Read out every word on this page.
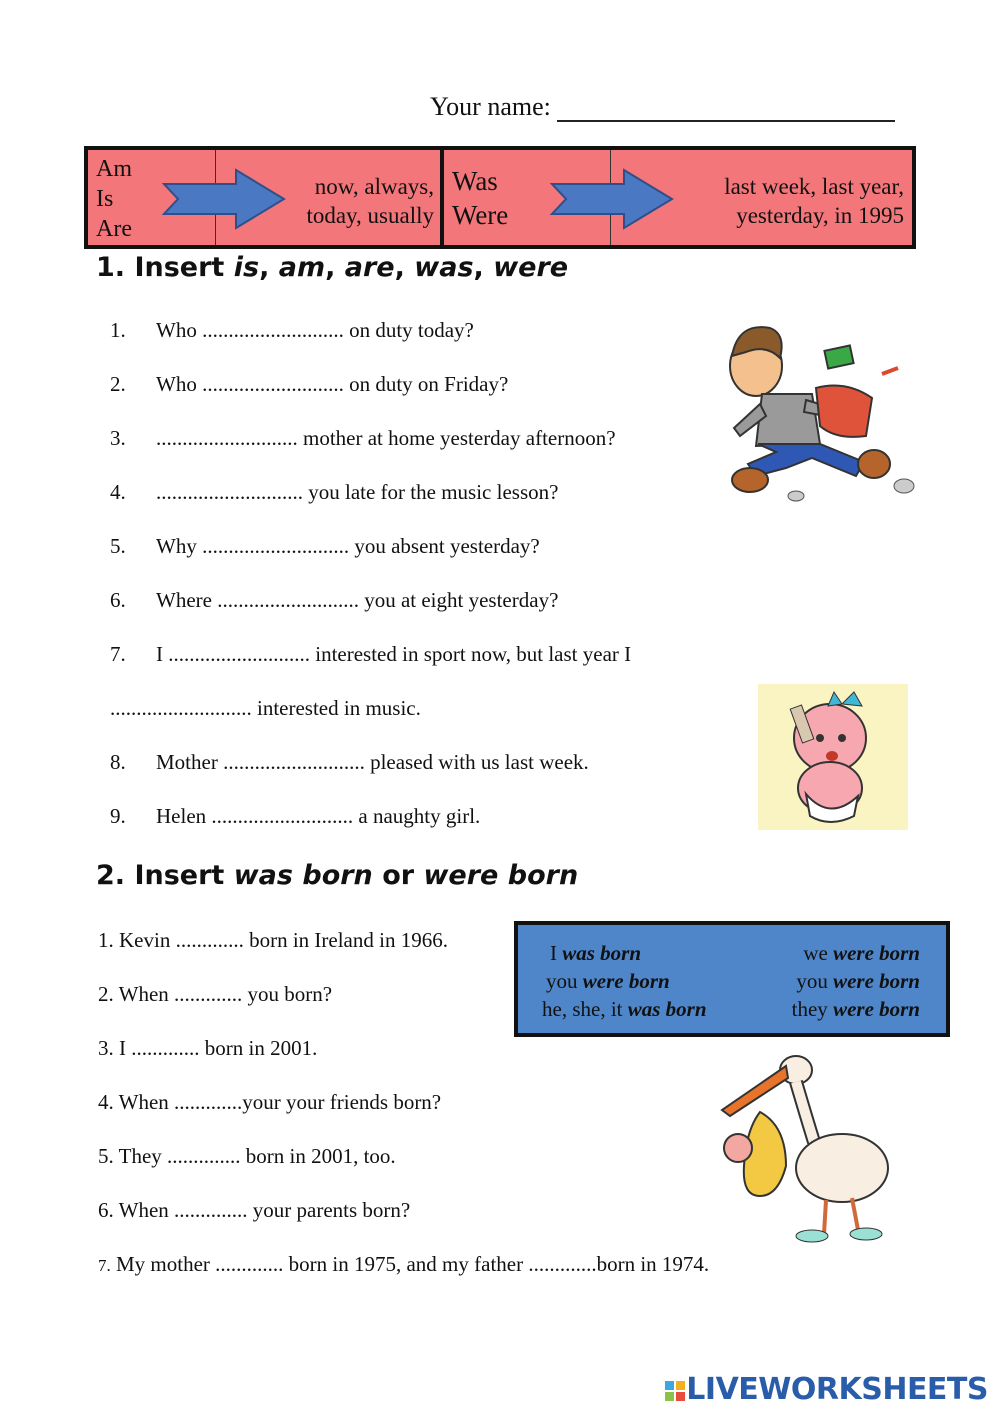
Your name:
Am
Is
Are
now, always,
today, usually
Was
Were
last week, last year,
yesterday, in 1995
1. Insert is, am, are, was, were
1. Who ........................... on duty today?
2. Who ........................... on duty on Friday?
3. ........................... mother at home yesterday afternoon?
4. ............................ you late for the music lesson?
5. Why ............................ you absent yesterday?
6. Where ........................... you at eight yesterday?
7. I ........................... interested in sport now, but last year I
........................... interested in music.
8. Mother ........................... pleased with us last week.
9. Helen ........................... a naughty girl.
2. Insert was born or were born
1. Kevin ............. born in Ireland in 1966.
2. When ............. you born?
3. I ............. born in 2001.
4. When .............your your friends born?
5. They .............. born in 2001, too.
6. When .............. your parents born?
7. My mother ............. born in 1975, and my father .............born in 1974.
I was born
you were born
he, she, it was born
we were born
you were born
they were born
LIVEWORKSHEETS
